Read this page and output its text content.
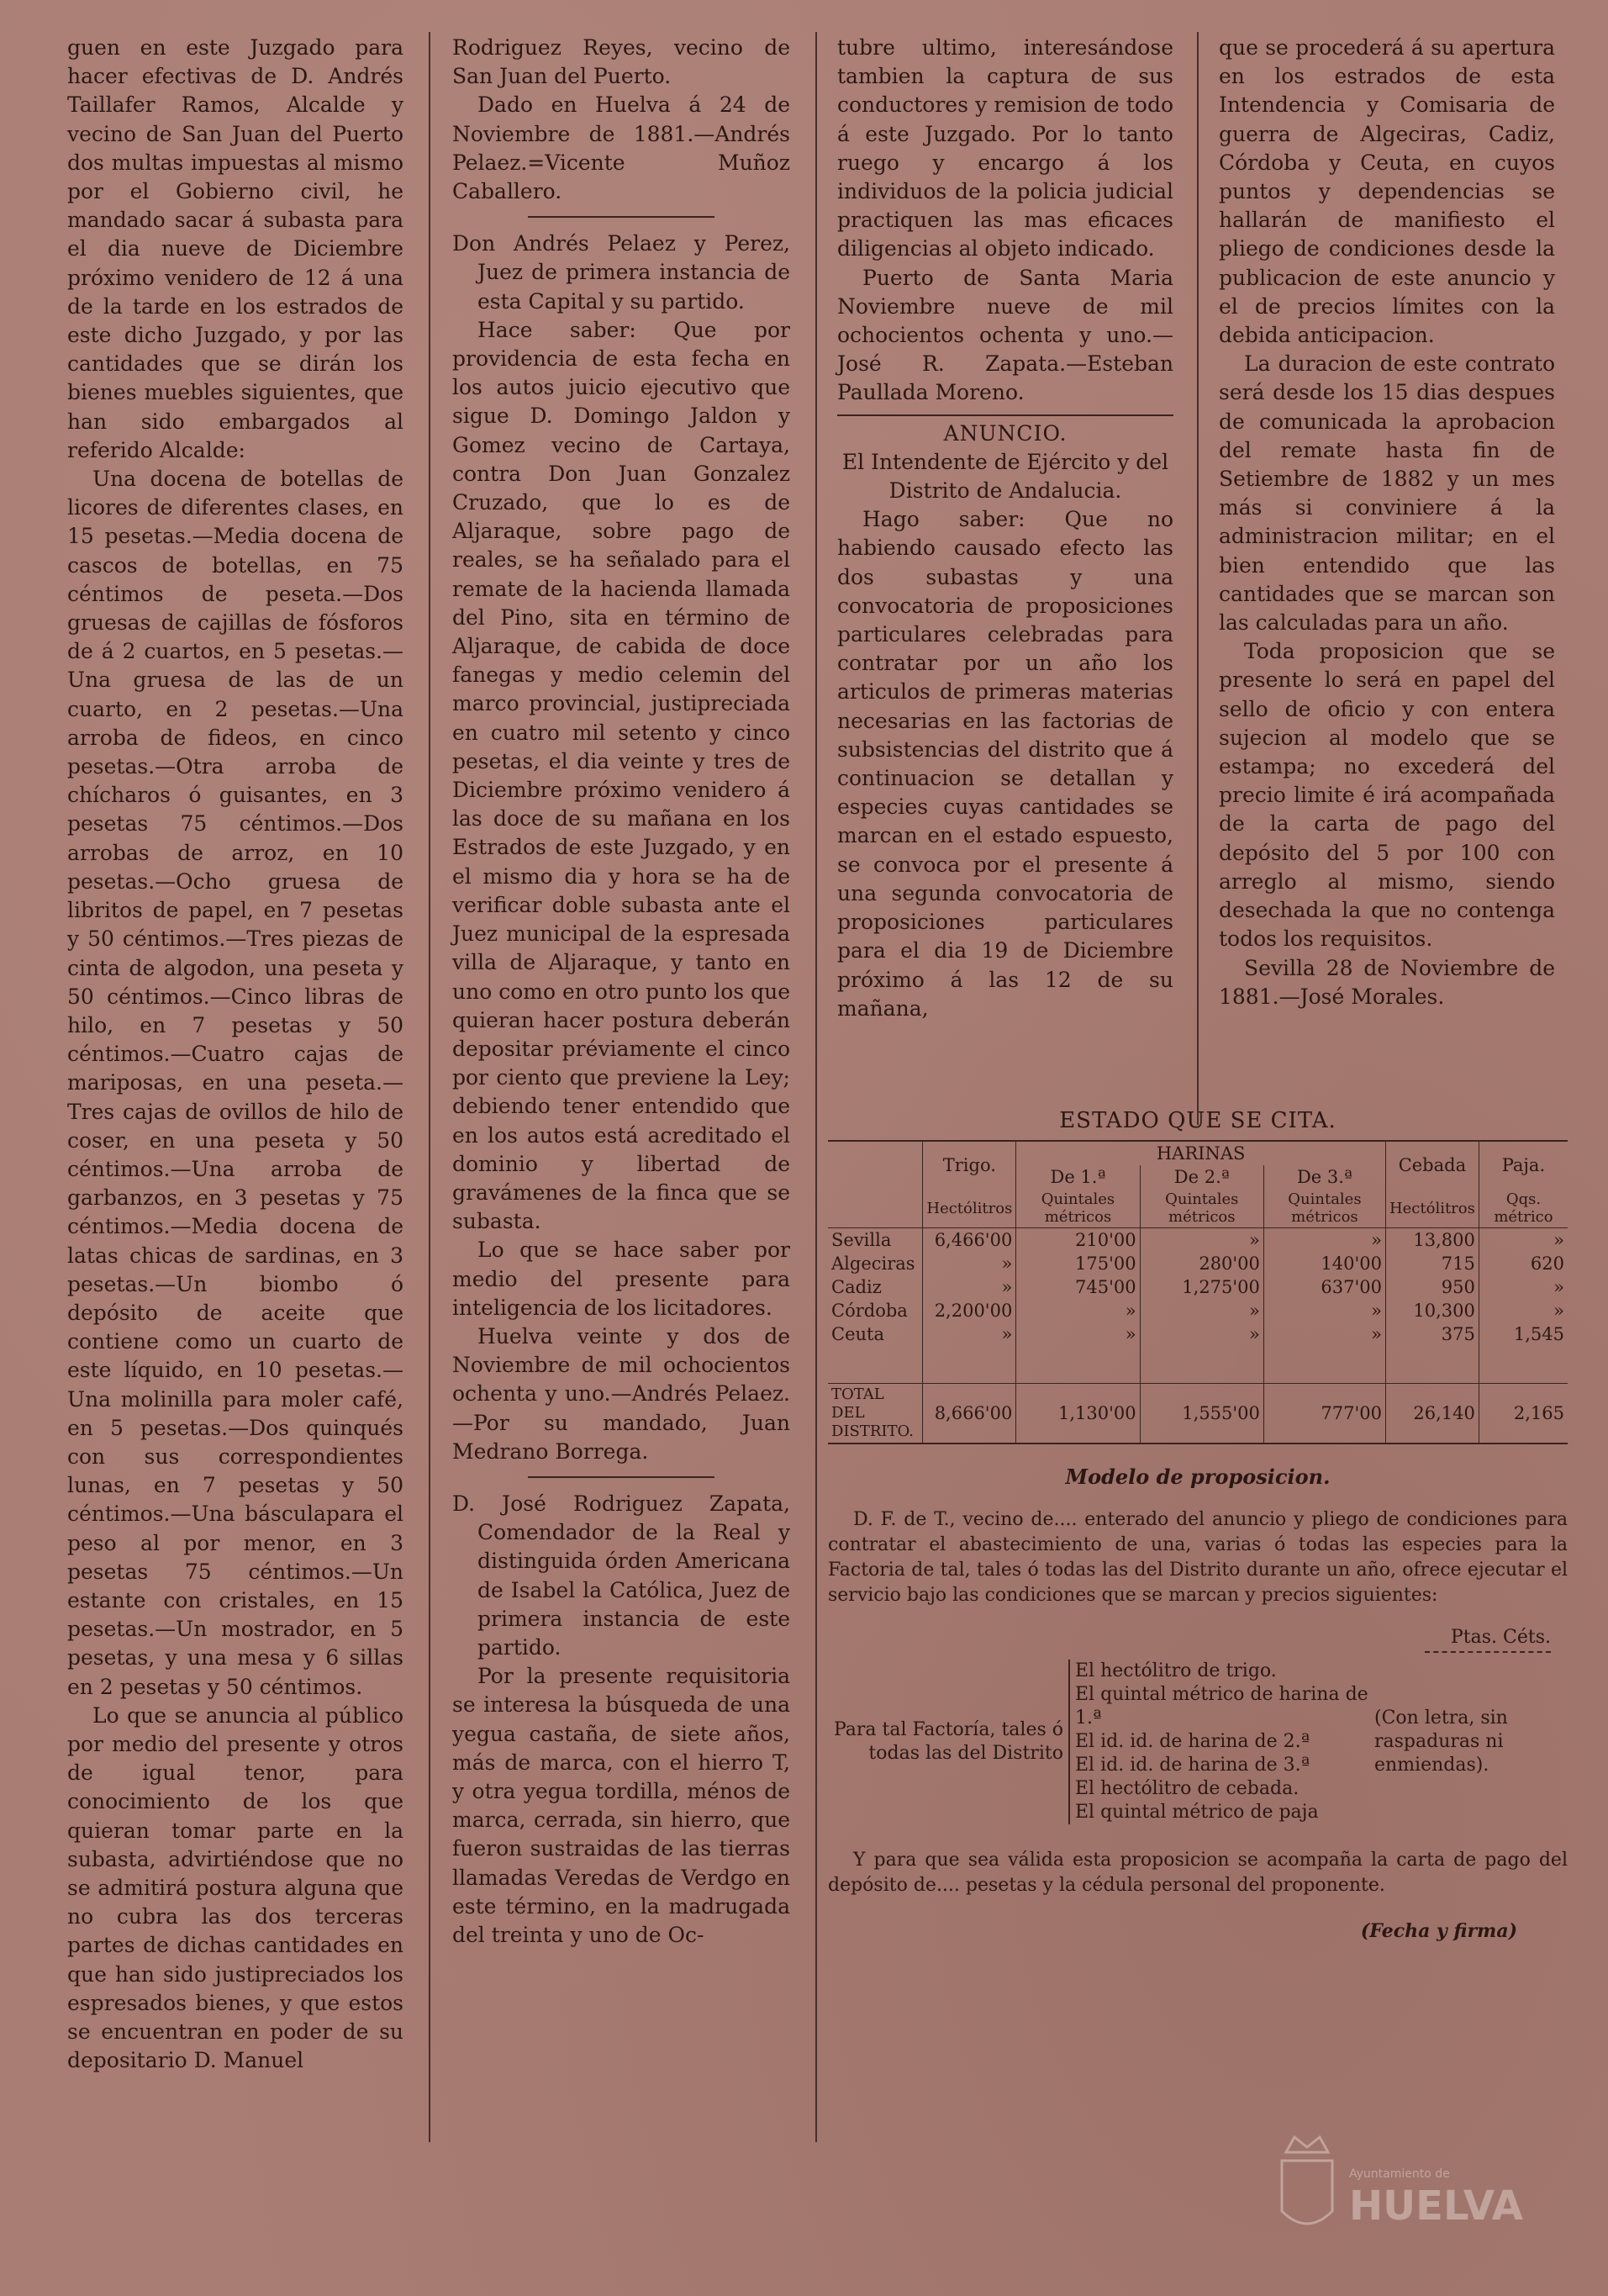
guen en este Juzgado para hacer efectivas de D. Andrés Taillafer Ramos, Alcalde y vecino de San Juan del Puerto dos multas impuestas al mismo por el Gobierno civil, he mandado sacar á subasta para el dia nueve de Diciembre próximo venidero de 12 á una de la tarde en los estrados de este dicho Juzgado, y por las cantidades que se dirán los bienes muebles siguientes, que han sido embargados al referido Alcalde:

Una docena de botellas de licores de diferentes clases, en 15 pesetas.—Media docena de cascos de botellas, en 75 céntimos de peseta.—Dos gruesas de cajillas de fósforos de á 2 cuartos, en 5 pesetas.—Una gruesa de las de un cuarto, en 2 pesetas.—Una arroba de fideos, en cinco pesetas.—Otra arroba de chícharos ó guisantes, en 3 pesetas 75 céntimos.—Dos arrobas de arroz, en 10 pesetas.—Ocho gruesa de libritos de papel, en 7 pesetas y 50 céntimos.—Tres piezas de cinta de algodon, una peseta y 50 céntimos.—Cinco libras de hilo, en 7 pesetas y 50 céntimos.—Cuatro cajas de mariposas, en una peseta.—Tres cajas de ovillos de hilo de coser, en una peseta y 50 céntimos.—Una arroba de garbanzos, en 3 pesetas y 75 céntimos.—Media docena de latas chicas de sardinas, en 3 pesetas.—Un biombo ó depósito de aceite que contiene como un cuarto de este líquido, en 10 pesetas.—Una molinilla para moler café, en 5 pesetas.—Dos quinqués con sus correspondientes lunas, en 7 pesetas y 50 céntimos.—Una básculapara el peso al por menor, en 3 pesetas 75 céntimos.—Un estante con cristales, en 15 pesetas.—Un mostrador, en 5 pesetas, y una mesa y 6 sillas en 2 pesetas y 50 céntimos.

Lo que se anuncia al público por medio del presente y otros de igual tenor, para conocimiento de los que quieran tomar parte en la subasta, advirtiéndose que no se admitirá postura alguna que no cubra las dos terceras partes de dichas cantidades en que han sido justipreciados los espresados bienes, y que estos se encuentran en poder de su depositario D. Manuel

Rodriguez Reyes, vecino de San Juan del Puerto.

Dado en Huelva á 24 de Noviembre de 1881.—Andrés Pelaez.=Vicente Muñoz Caballero.

Don Andrés Pelaez y Perez, Juez de primera instancia de esta Capital y su partido.

Hace saber: Que por providencia de esta fecha en los autos juicio ejecutivo que sigue D. Domingo Jaldon y Gomez vecino de Cartaya, contra Don Juan Gonzalez Cruzado, que lo es de Aljaraque, sobre pago de reales, se ha señalado para el remate de la hacienda llamada del Pino, sita en término de Aljaraque, de cabida de doce fanegas y medio celemin del marco provincial, justipreciada en cuatro mil setento y cinco pesetas, el dia veinte y tres de Diciembre próximo venidero á las doce de su mañana en los Estrados de este Juzgado, y en el mismo dia y hora se ha de verificar doble subasta ante el Juez municipal de la espresada villa de Aljaraque, y tanto en uno como en otro punto los que quieran hacer postura deberán depositar préviamente el cinco por ciento que previene la Ley; debiendo tener entendido que en los autos está acreditado el dominio y libertad de gravámenes de la finca que se subasta.

Lo que se hace saber por medio del presente para inteligencia de los licitadores.

Huelva veinte y dos de Noviembre de mil ochocientos ochenta y uno.—Andrés Pelaez.—Por su mandado, Juan Medrano Borrega.

D. José Rodriguez Zapata, Comendador de la Real y distinguida órden Americana de Isabel la Católica, Juez de primera instancia de este partido.

Por la presente requisitoria se interesa la búsqueda de una yegua castaña, de siete años, más de marca, con el hierro T, y otra yegua tordilla, ménos de marca, cerrada, sin hierro, que fueron sustraidas de las tierras llamadas Veredas de Verdgo en este término, en la madrugada del treinta y uno de Oc-

tubre ultimo, interesándose tambien la captura de sus conductores y remision de todo á este Juzgado. Por lo tanto ruego y encargo á los individuos de la policia judicial practiquen las mas eficaces diligencias al objeto indicado.

Puerto de Santa Maria Noviembre nueve de mil ochocientos ochenta y uno.—José R. Zapata.—Esteban Paullada Moreno.

ANUNCIO.

El Intendente de Ejército y del Distrito de Andalucia.

Hago saber: Que no habiendo causado efecto las dos subastas y una convocatoria de proposiciones particulares celebradas para contratar por un año los articulos de primeras materias necesarias en las factorias de subsistencias del distrito que á continuacion se detallan y especies cuyas cantidades se marcan en el estado espuesto, se convoca por el presente á una segunda convocatoria de proposiciones particulares para el dia 19 de Diciembre próximo á las 12 de su mañana,

que se procederá á su apertura en los estrados de esta Intendencia y Comisaria de guerra de Algeciras, Cadiz, Córdoba y Ceuta, en cuyos puntos y dependencias se hallarán de manifiesto el pliego de condiciones desde la publicacion de este anuncio y el de precios límites con la debida anticipacion.

La duracion de este contrato será desde los 15 dias despues de comunicada la aprobacion del remate hasta fin de Setiembre de 1882 y un mes más si conviniere á la administracion militar; en el bien entendido que las cantidades que se marcan son las calculadas para un año.

Toda proposicion que se presente lo será en papel del sello de oficio y con entera sujecion al modelo que se estampa; no excederá del precio limite é irá acompañada de la carta de pago del depósito del 5 por 100 con arreglo al mismo, siendo desechada la que no contenga todos los requisitos.

Sevilla 28 de Noviembre de 1881.—José Morales.

ESTADO QUE SE CITA.
	Trigo.	HARINAS			Cebada	Paja.
		De 1.ª	De 2.ª	De 3.ª		
	Hectólitros	Quintales métricos	Quintales métricos	Quintales métricos	Hectólitros	Qqs. métrico
Sevilla	6,466'00	210'00	»	»	13,800	»
Algeciras	»	175'00	280'00	140'00	715	620
Cadiz	»	745'00	1,275'00	637'00	950	»
Córdoba	2,200'00	»	»	»	10,300	»
Ceuta	»	»	»	»	375	1,545

TOTAL DEL
DISTRITO.	8,666'00	1,130'00	1,555'00	777'00	26,140	2,165
Modelo de proposicion.

D. F. de T., vecino de.... enterado del anuncio y pliego de condiciones para contratar el abastecimiento de una, varias ó todas las especies para la Factoria de tal, tales ó todas las del Distrito durante un año, ofrece ejecutar el servicio bajo las condiciones que se marcan y precios siguientes:

Ptas. Céts.
Para tal Factoría, tales ó todas las del Distrito
El hectólitro de trigo.
El quintal métrico de harina de 1.ª
El id. id. de harina de 2.ª
El id. id. de harina de 3.ª
El hectólitro de cebada.
El quintal métrico de paja
(Con letra, sin raspaduras ni enmiendas).

Y para que sea válida esta proposicion se acompaña la carta de pago del depósito de.... pesetas y la cédula personal del proponente.

(Fecha y firma)
Ayuntamiento de
HUELVA
